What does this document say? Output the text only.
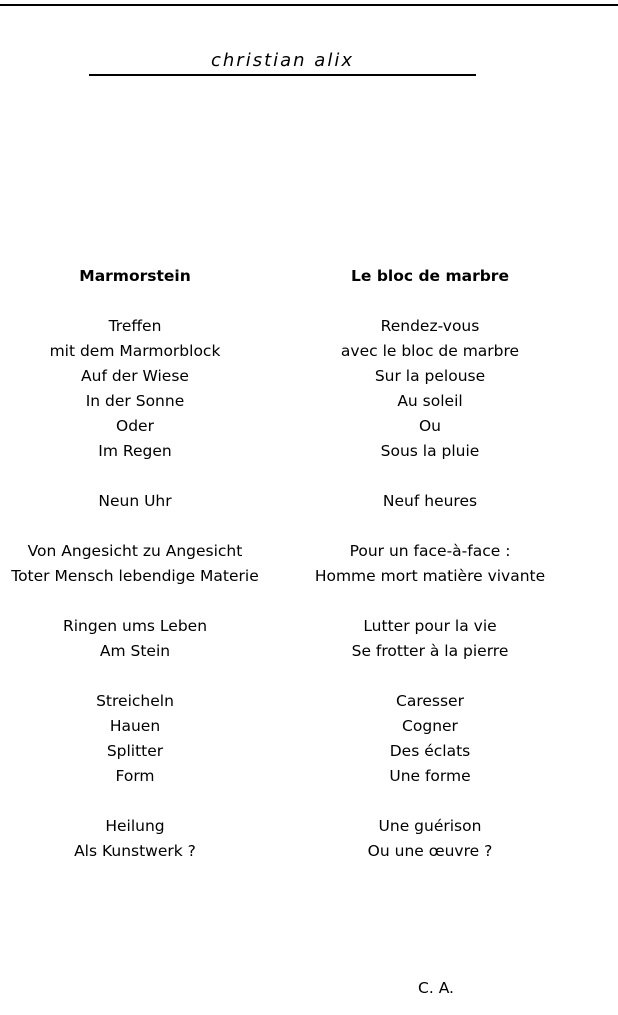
christian alix
Marmorstein
Treffen
mit dem Marmorblock
Auf der Wiese
In der Sonne
Oder
Im Regen
Neun Uhr
Von Angesicht zu Angesicht
Toter Mensch lebendige Materie
Ringen ums Leben
Am Stein
Streicheln
Hauen
Splitter
Form
Heilung
Als Kunstwerk ?
Le bloc de marbre
Rendez-vous
avec le bloc de marbre
Sur la pelouse
Au soleil
Ou
Sous la pluie
Neuf heures
Pour un face-à-face :
Homme mort matière vivante
Lutter pour la vie
Se frotter à la pierre
Caresser
Cogner
Des éclats
Une forme
Une guérison
Ou une œuvre ?
C. A.
